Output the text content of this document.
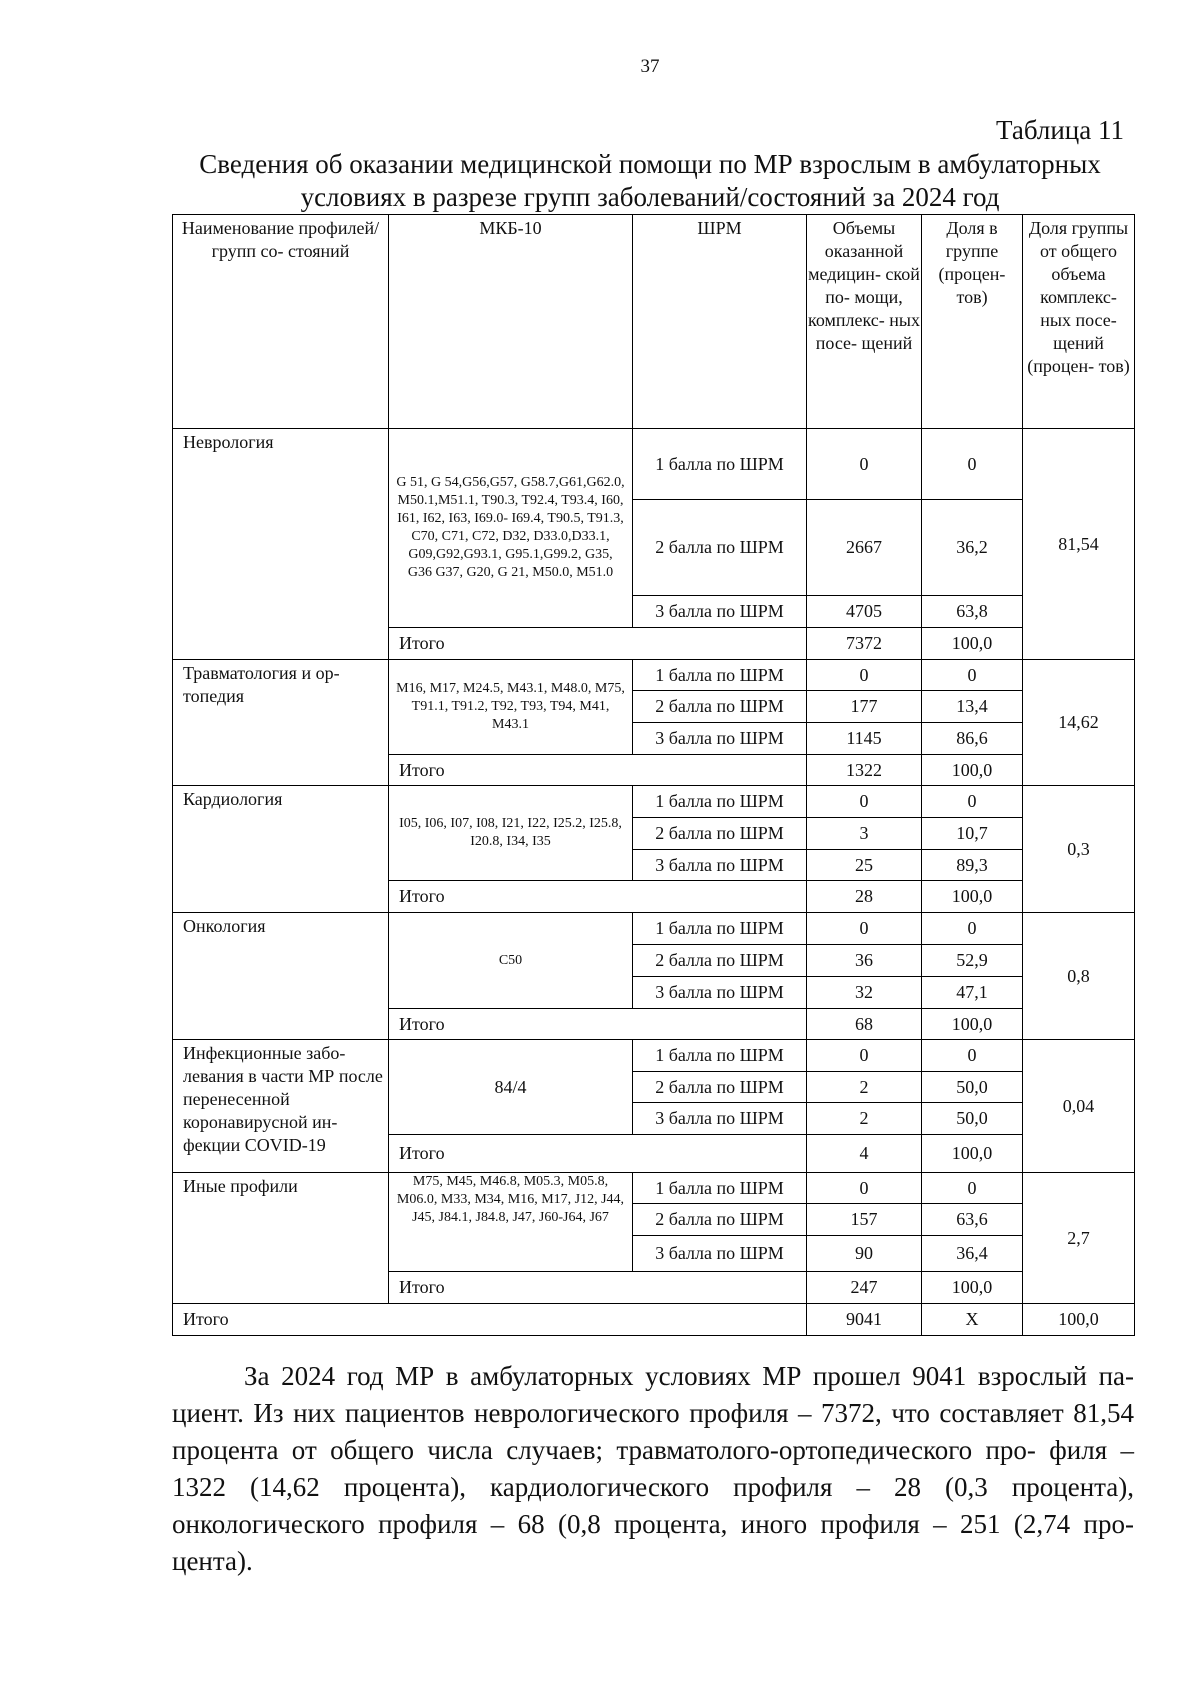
37
Таблица 11
Сведения об оказании медицинской помощи по МР взрослым в амбулаторных условиях в разрезе групп заболеваний/состояний за 2024 год
Наименование профилей/групп со- стояний	МКБ-10	ШРМ	Объемы оказанной медицин- ской по- мощи, комплекс- ных посе- щений	Доля в группе (процен- тов)	Доля группы от общего объема комплекс- ных посе- щений (процен- тов)
Неврология	G 51, G 54,G56,G57, G58.7,G61,G62.0, M50.1,M51.1, T90.3, T92.4, T93.4, I60, I61, I62, I63, I69.0- I69.4, T90.5, T91.3, C70, C71, C72, D32, D33.0,D33.1, G09,G92,G93.1, G95.1,G99.2, G35, G36 G37, G20, G 21, M50.0, M51.0	1 балла по ШРМ	0	0	81,54
		2 балла по ШРМ	2667	36,2	
		3 балла по ШРМ	4705	63,8	
	Итого		7372	100,0	
Травматология и ор- топедия	M16, M17, M24.5, M43.1, M48.0, M75, T91.1, T91.2, T92, T93, T94, M41, M43.1	1 балла по ШРМ	0	0	14,62
		2 балла по ШРМ	177	13,4	
		3 балла по ШРМ	1145	86,6	
	Итого		1322	100,0	
Кардиология	I05, I06, I07, I08, I21, I22, I25.2, I25.8, I20.8, I34, I35	1 балла по ШРМ	0	0	0,3
		2 балла по ШРМ	3	10,7	
		3 балла по ШРМ	25	89,3	
	Итого		28	100,0	
Онкология	C50	1 балла по ШРМ	0	0	0,8
		2 балла по ШРМ	36	52,9	
		3 балла по ШРМ	32	47,1	
	Итого		68	100,0	
Инфекционные забо- левания в части МР после перенесенной коронавирусной ин- фекции COVID-19	84/4	1 балла по ШРМ	0	0	0,04
		2 балла по ШРМ	2	50,0	
		3 балла по ШРМ	2	50,0	
	Итого		4	100,0	
Иные профили	M75, M45, M46.8, M05.3, M05.8, M06.0, M33, M34, M16, M17, J12, J44, J45, J84.1, J84.8, J47, J60-J64, J67	1 балла по ШРМ	0	0	2,7
		2 балла по ШРМ	157	63,6	
		3 балла по ШРМ	90	36,4	
	Итого		247	100,0	
Итого			9041	X	100,0
За 2024 год МР в амбулаторных условиях МР прошел 9041 взрослый па- циент. Из них пациентов неврологического профиля – 7372, что составляет 81,54 процента от общего числа случаев; травматолого-ортопедического про- филя – 1322 (14,62 процента), кардиологического профиля – 28 (0,3 процента), онкологического профиля – 68 (0,8 процента, иного профиля – 251 (2,74 про- цента).
